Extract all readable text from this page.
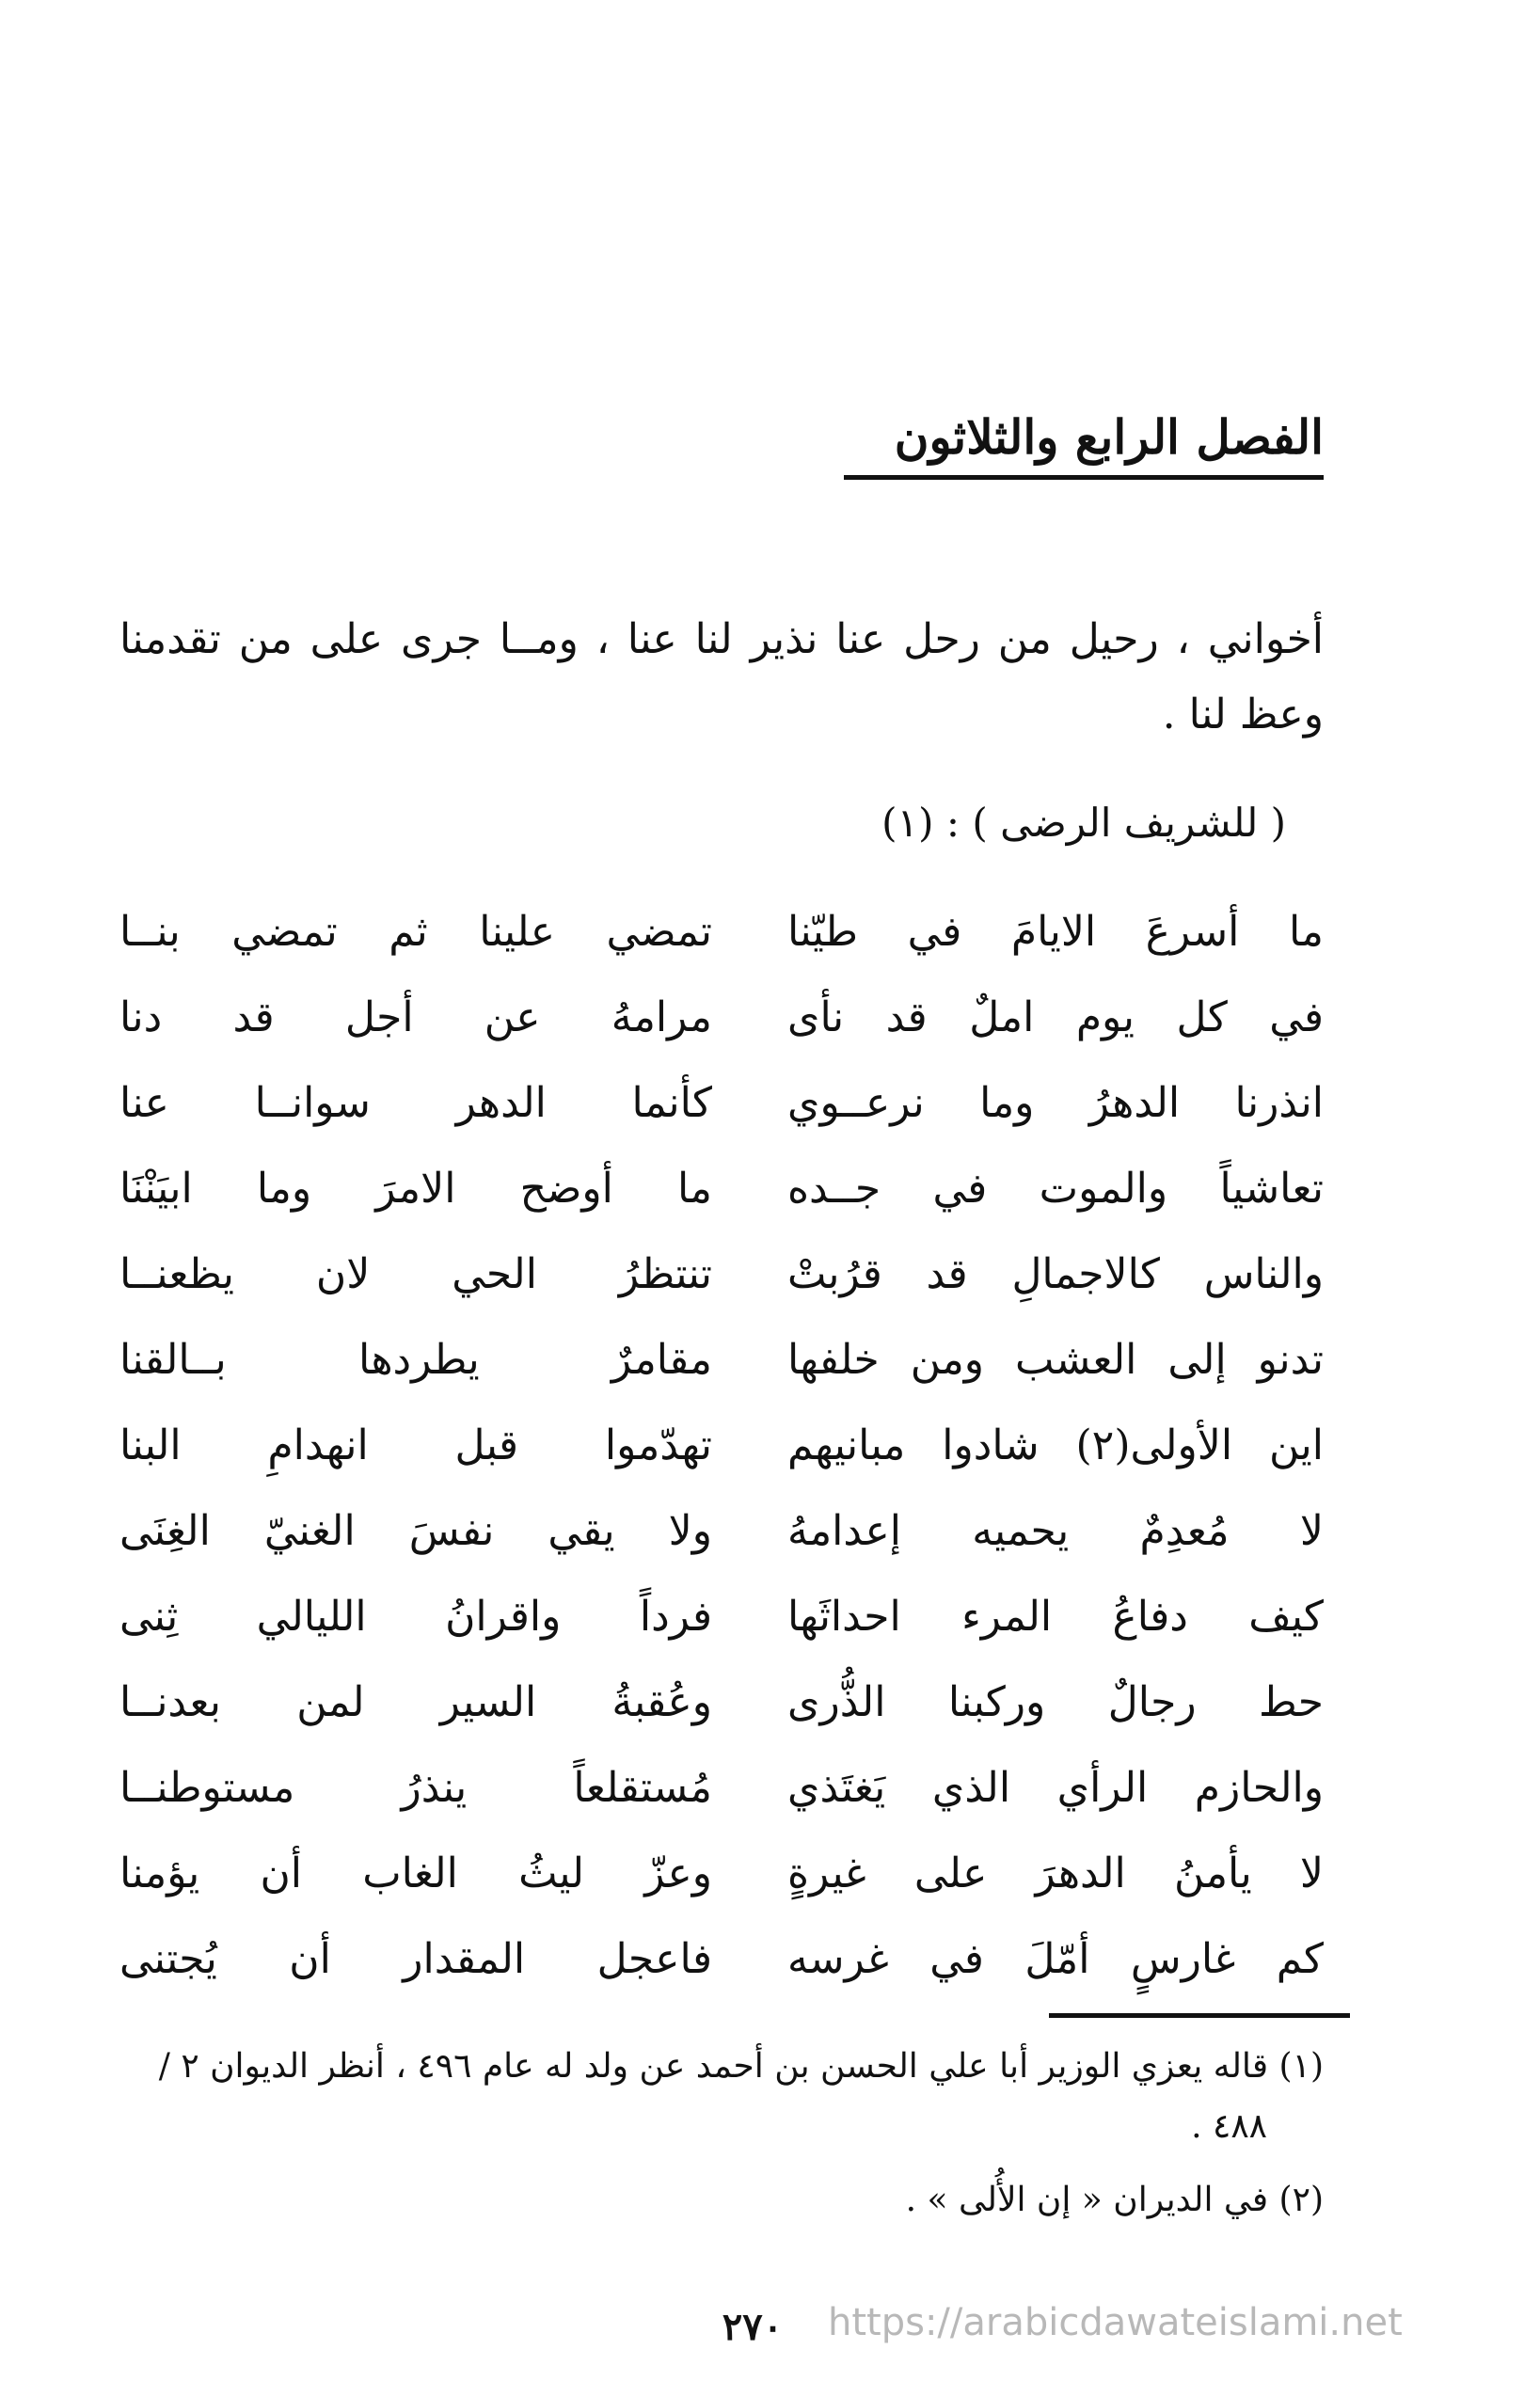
الفصل الرابع والثلاثون
أخواني ، رحيل من رحل عنا نذير لنا عنا ، ومــا جرى على من تقدمنا وعظ لنا .
( للشريف الرضى ) : (١)
ما أسرعَ الايامَ في طيّنا
تمضي علينا ثم تمضي بنــا
في كل يوم املٌ قد نأى
مرامهُ عن أجل قد دنا
انذرنا الدهرُ وما نرعــوي
كأنما الدهر سوانــا عنا
تعاشياً والموت في جــده
ما أوضح الامرَ وما ابيَنْنَا
والناس كالاجمالِ قد قرُبتْ
تنتظرُ الحي لان يظعنــا
تدنو إلى العشب ومن خلفها
مقامرٌ يطردها بــالقنا
اين الأولى(٢) شادوا مبانيهم
تهدّموا قبل انهدامِ البنا
لا مُعدِمٌ يحميه إعدامهُ
ولا يقي نفسَ الغنيّ الغِنَى
كيف دفاعُ المرء احداثَها
فرداً واقرانُ الليالي ثِنى
حط رجالٌ وركبنا الذُّرى
وعُقبةُ السير لمن بعدنــا
والحازم الرأي الذي يَغتَذي
مُستقلعاً ينذرُ مستوطنــا
لا يأمنُ الدهرَ على غيرةٍ
وعزّ ليثُ الغاب أن يؤمنا
كم غارسٍ أمّلَ في غرسه
فاعجل المقدار أن يُجتنى

(١) قاله يعزي الوزير أبا علي الحسن بن أحمد عن ولد له عام ٤٩٦ ، أنظر الديوان ٢ /

٤٨٨ .

(٢) في الديران « إن الأُلى » .

٢٧٠	https://arabicdawateislami.net
